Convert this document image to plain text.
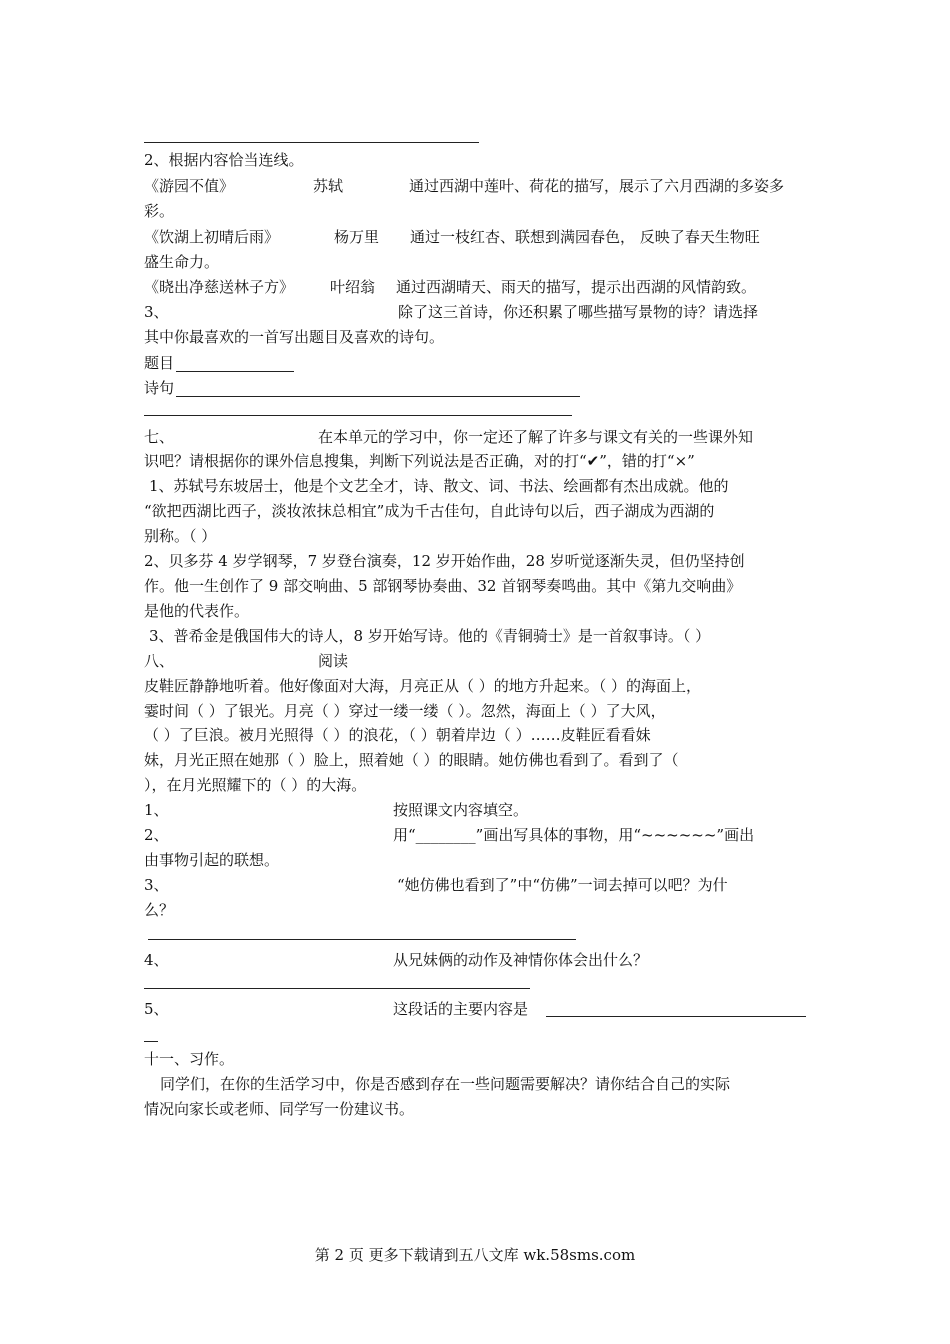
2、根据内容恰当连线。
《游园不值》	苏轼	通过西湖中莲叶、荷花的描写，展示了六月西湖的多姿多
彩。
《饮湖上初晴后雨》	杨万里 通过一枝红杏、联想到满园春色， 反映了春天生物旺
盛生命力。
《晓出净慈送林子方》 叶绍翁 通过西湖晴天、雨天的描写，提示出西湖的风情韵致。
3、	除了这三首诗，你还积累了哪些描写景物的诗？请选择
其中你最喜欢的一首写出题目及喜欢的诗句。
题目
诗句
七、	在本单元的学习中，你一定还了解了许多与课文有关的一些课外知
识吧？请根据你的课外信息搜集，判断下列说法是否正确，对的打“✔”，错的打“×”
1、苏轼号东坡居士，他是个文艺全才，诗、散文、词、书法、绘画都有杰出成就。他的
“欲把西湖比西子，淡妆浓抹总相宜”成为千古佳句，自此诗句以后，西子湖成为西湖的
别称。（ ）
2、贝多芬 4 岁学钢琴，7 岁登台演奏，12 岁开始作曲，28 岁听觉逐渐失灵，但仍坚持创
作。他一生创作了 9 部交响曲、5 部钢琴协奏曲、32 首钢琴奏鸣曲。其中《第九交响曲》
是他的代表作。
3、普希金是俄国伟大的诗人，8 岁开始写诗。他的《青铜骑士》是一首叙事诗。（ ）
八、	阅读
皮鞋匠静静地听着。他好像面对大海，月亮正从（ ）的地方升起来。（ ）的海面上，
霎时间（ ）了银光。月亮（ ）穿过一缕一缕（ ）。忽然，海面上（ ）了大风，
（ ）了巨浪。被月光照得（ ）的浪花，（ ）朝着岸边（ ）……皮鞋匠看看妹
妹，月光正照在她那（ ）脸上，照着她（ ）的眼睛。她仿佛也看到了。看到了（
），在月光照耀下的（ ）的大海。
1、	按照课文内容填空。
2、	用“________”画出写具体的事物，用“~~~~~~”画出
由事物引起的联想。
3、	“她仿佛也看到了”中“仿佛”一词去掉可以吧？为什
么？
4、	从兄妹俩的动作及神情你体会出什么？
5、	这段话的主要内容是
十一、习作。
同学们，在你的生活学习中，你是否感到存在一些问题需要解决？请你结合自己的实际
情况向家长或老师、同学写一份建议书。
第 2 页 更多下载请到五八文库 wk.58sms.com
